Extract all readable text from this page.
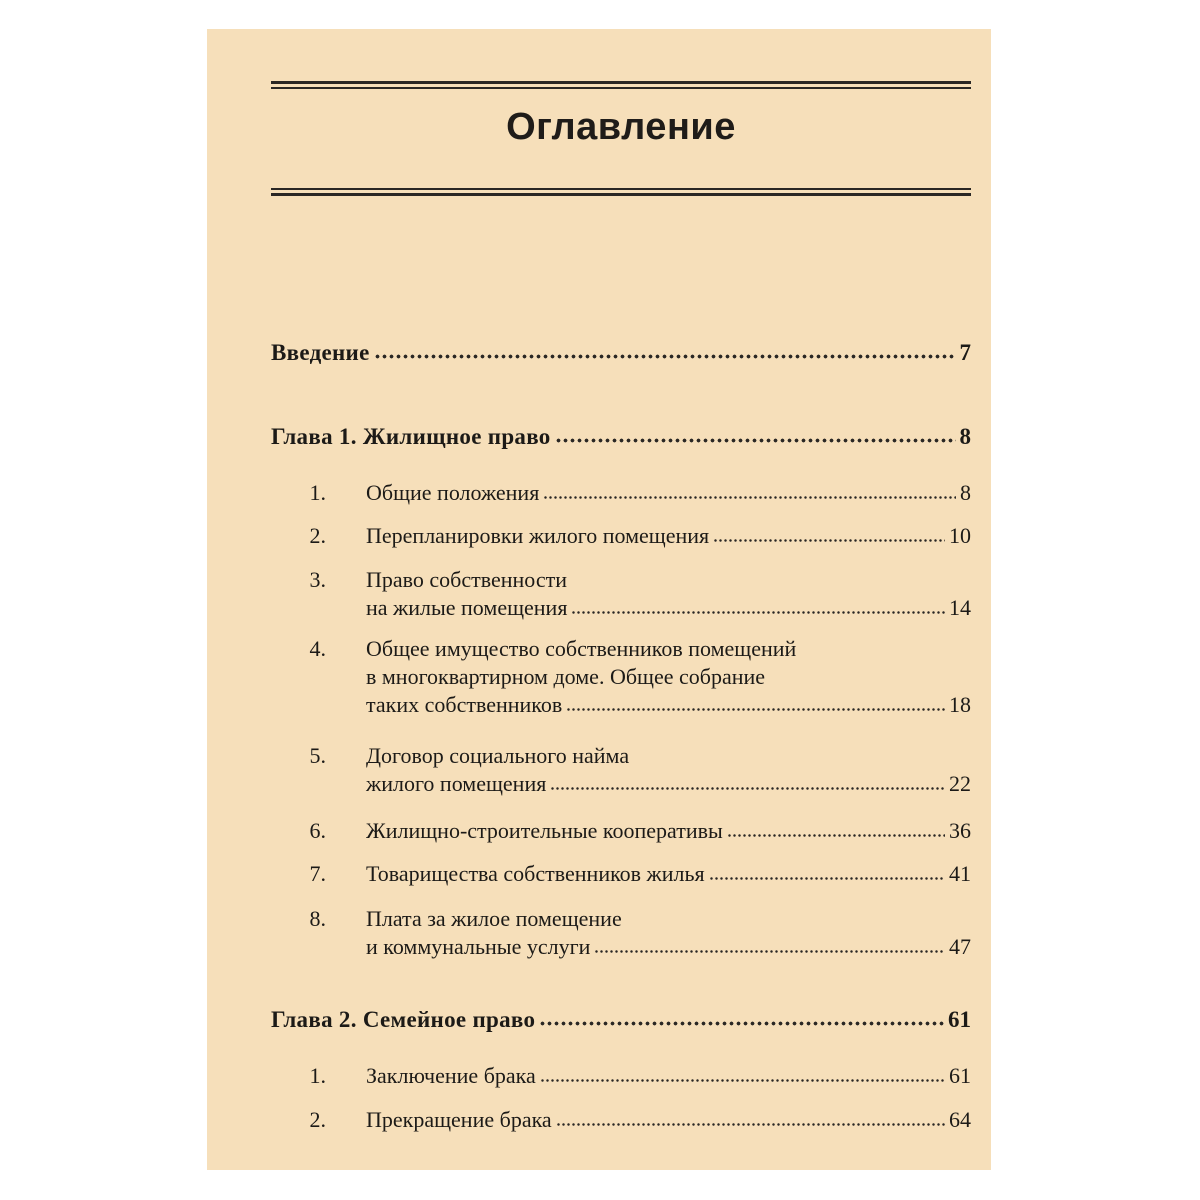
Оглавление
Введение	7
Глава 1. Жилищное право	8
1. Общие положения	8
2. Перепланировки жилого помещения	10
3. Право собственности
на жилые помещения	14
4. Общее имущество собственников помещений
в многоквартирном доме. Общее собрание
таких собственников	18
5. Договор социального найма
жилого помещения	22
6. Жилищно-строительные кооперативы	36
7. Товарищества собственников жилья	41
8. Плата за жилое помещение
и коммунальные услуги	47
Глава 2. Семейное право	61
1. Заключение брака	61
2. Прекращение брака	64
